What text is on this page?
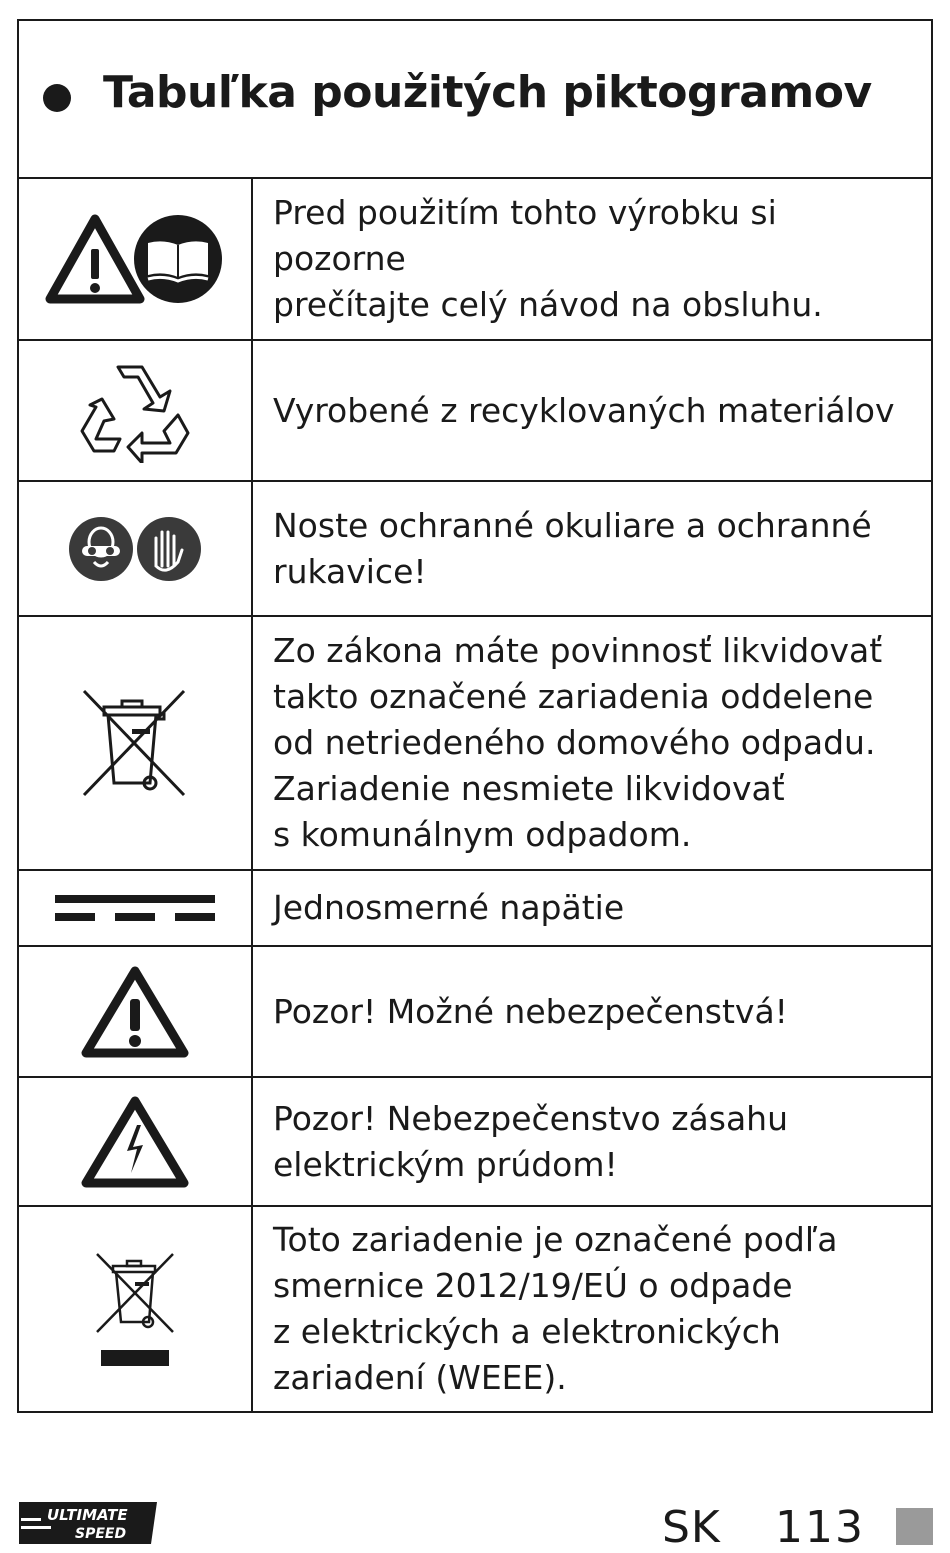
Tabuľka použitých piktogramov
Pred použitím tohto výrobku si pozorne
prečítajte celý návod na obsluhu.
Vyrobené z recyklovaných materiálov
Noste ochranné okuliare a ochranné
rukavice!
Zo zákona máte povinnosť likvidovať
takto označené zariadenia oddelene
od netriedeného domového odpadu.
Zariadenie nesmiete likvidovať
s komunálnym odpadom.
Jednosmerné napätie
Pozor! Možné nebezpečenstvá!
Pozor! Nebezpečenstvo zásahu
elektrickým prúdom!
Toto zariadenie je označené podľa
smernice 2012/19/EÚ o odpade
z elektrických a elektronických
zariadení (WEEE).
ULTIMATE
SPEED	SK 113
